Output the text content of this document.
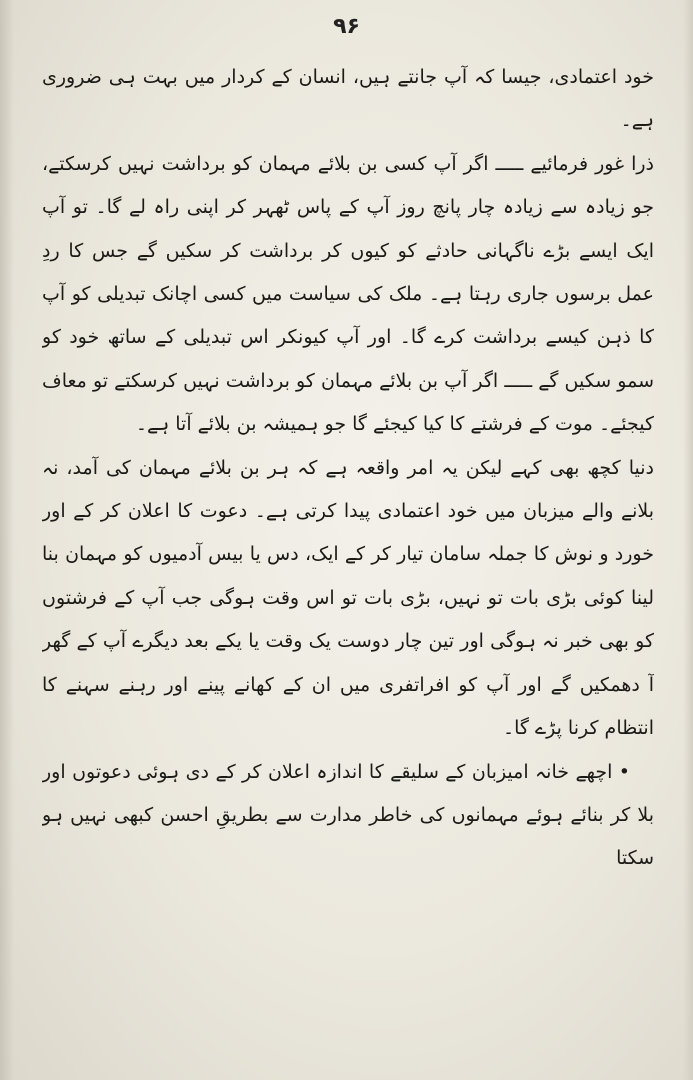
۹۶

خود اعتمادی، جیسا کہ آپ جانتے ہیں، انسان کے کردار میں بہت ہی ضروری ہے۔

ذرا غور فرمائیے ـــــ اگر آپ کسی بن بلائے مہمان کو برداشت نہیں کرسکتے، جو زیادہ سے زیادہ چار پانچ روز آپ کے پاس ٹھہر کر اپنی راہ لے گا۔ تو آپ ایک ایسے بڑے ناگہانی حادثے کو کیوں کر برداشت کر سکیں گے جس کا ردِ عمل برسوں جاری رہتا ہے۔ ملک کی سیاست میں کسی اچانک تبدیلی کو آپ کا ذہن کیسے برداشت کرے گا۔ اور آپ کیونکر اس تبدیلی کے ساتھ خود کو سمو سکیں گے ـــــ اگر آپ بن بلائے مہمان کو برداشت نہیں کرسکتے تو معاف کیجئے۔ موت کے فرشتے کا کیا کیجئے گا جو ہمیشہ بن بلائے آتا ہے۔

دنیا کچھ بھی کہے لیکن یہ امر واقعہ ہے کہ ہر بن بلائے مہمان کی آمد، نہ بلانے والے میزبان میں خود اعتمادی پیدا کرتی ہے۔ دعوت کا اعلان کر کے اور خورد و نوش کا جملہ سامان تیار کر کے ایک، دس یا بیس آدمیوں کو مہمان بنا لینا کوئی بڑی بات تو نہیں، بڑی بات تو اس وقت ہوگی جب آپ کے فرشتوں کو بھی خبر نہ ہوگی اور تین چار دوست یک وقت یا یکے بعد دیگرے آپ کے گھر آ دھمکیں گے اور آپ کو افراتفری میں ان کے کھانے پینے اور رہنے سہنے کا انتظام کرنا پڑے گا۔

• اچھے خانہ امیزبان کے سلیقے کا اندازہ اعلان کر کے دی ہوئی دعوتوں اور بلا کر بنائے ہوئے مہمانوں کی خاطر مدارت سے بطریقِ احسن کبھی نہیں ہو سکتا
